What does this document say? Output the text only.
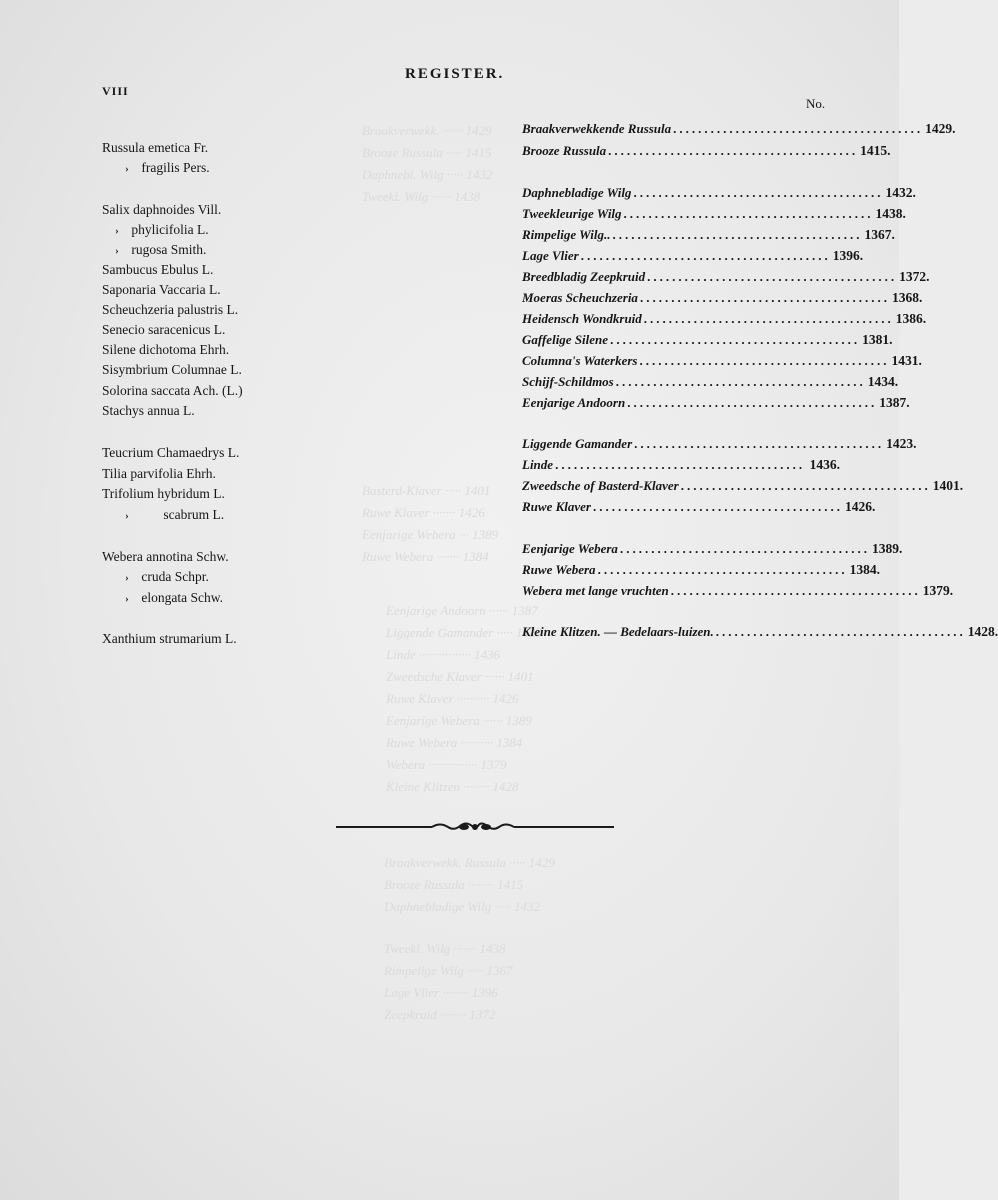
Braakverwekk. ······ 1429
Brooze Russula ····· 1415
Daphnebl. Wilg ····· 1432
Tweekl. Wilg ······ 1438
Basterd-Klaver ····· 1401
Ruwe Klaver ······· 1426
Eenjarige Webera ··· 1389
Ruwe Webera ······· 1384
Eenjarige Andoorn ······ 1387
Liggende Gamander ····· 1423
Linde ················ 1436
Zweedsche Klaver ······ 1401
Ruwe Klaver ·········· 1426
Eenjarige Webera ······ 1389
Ruwe Webera ·········· 1384
Webera ··············· 1379
Kleine Klitzen ········ 1428
Braakverwekk. Russula ····· 1429
Brooze Russula ········ 1415
Daphnebladige Wilg ····· 1432
Tweekl. Wilg ······· 1438
Rimpelige Wilg ····· 1367
Lage Vlier ········ 1396
Zeepkruid ········ 1372
VIII
REGISTER.
No.
Russula emetica Fr.
› fragilis Pers.
Salix daphnoides Vill.
› phylicifolia L.
› rugosa Smith.
Sambucus Ebulus L.
Saponaria Vaccaria L.
Scheuchzeria palustris L.
Senecio saracenicus L.
Silene dichotoma Ehrh.
Sisymbrium Columnae L.
Solorina saccata Ach. (L.)
Stachys annua L.
Teucrium Chamaedrys L.
Tilia parvifolia Ehrh.
Trifolium hybridum L.
›	scabrum L.
Webera annotina Schw.
› cruda Schpr.
› elongata Schw.
Xanthium strumarium L.
Braakverwekkende Russula ........................................ 1429.
Brooze Russula ........................................ 1415.
Daphnebladige Wilg ........................................ 1432.
Tweekleurige Wilg ........................................ 1438.
Rimpelige Wilg.. ........................................ 1367.
Lage Vlier ........................................ 1396.
Breedbladig Zeepkruid ........................................ 1372.
Moeras Scheuchzeria ........................................ 1368.
Heidensch Wondkruid ........................................ 1386.
Gaffelige Silene ........................................ 1381.
Columna's Waterkers ........................................ 1431.
Schijf-Schildmos ........................................ 1434.
Eenjarige Andoorn ........................................ 1387.
Liggende Gamander ........................................ 1423.
Linde ........................................ 1436.
Zweedsche of Basterd-Klaver ........................................ 1401.
Ruwe Klaver ........................................ 1426.
Eenjarige Webera ........................................ 1389.
Ruwe Webera ........................................ 1384.
Webera met lange vruchten ........................................ 1379.
Kleine Klitzen. — Bedelaars-luizen. ........................................ 1428.
